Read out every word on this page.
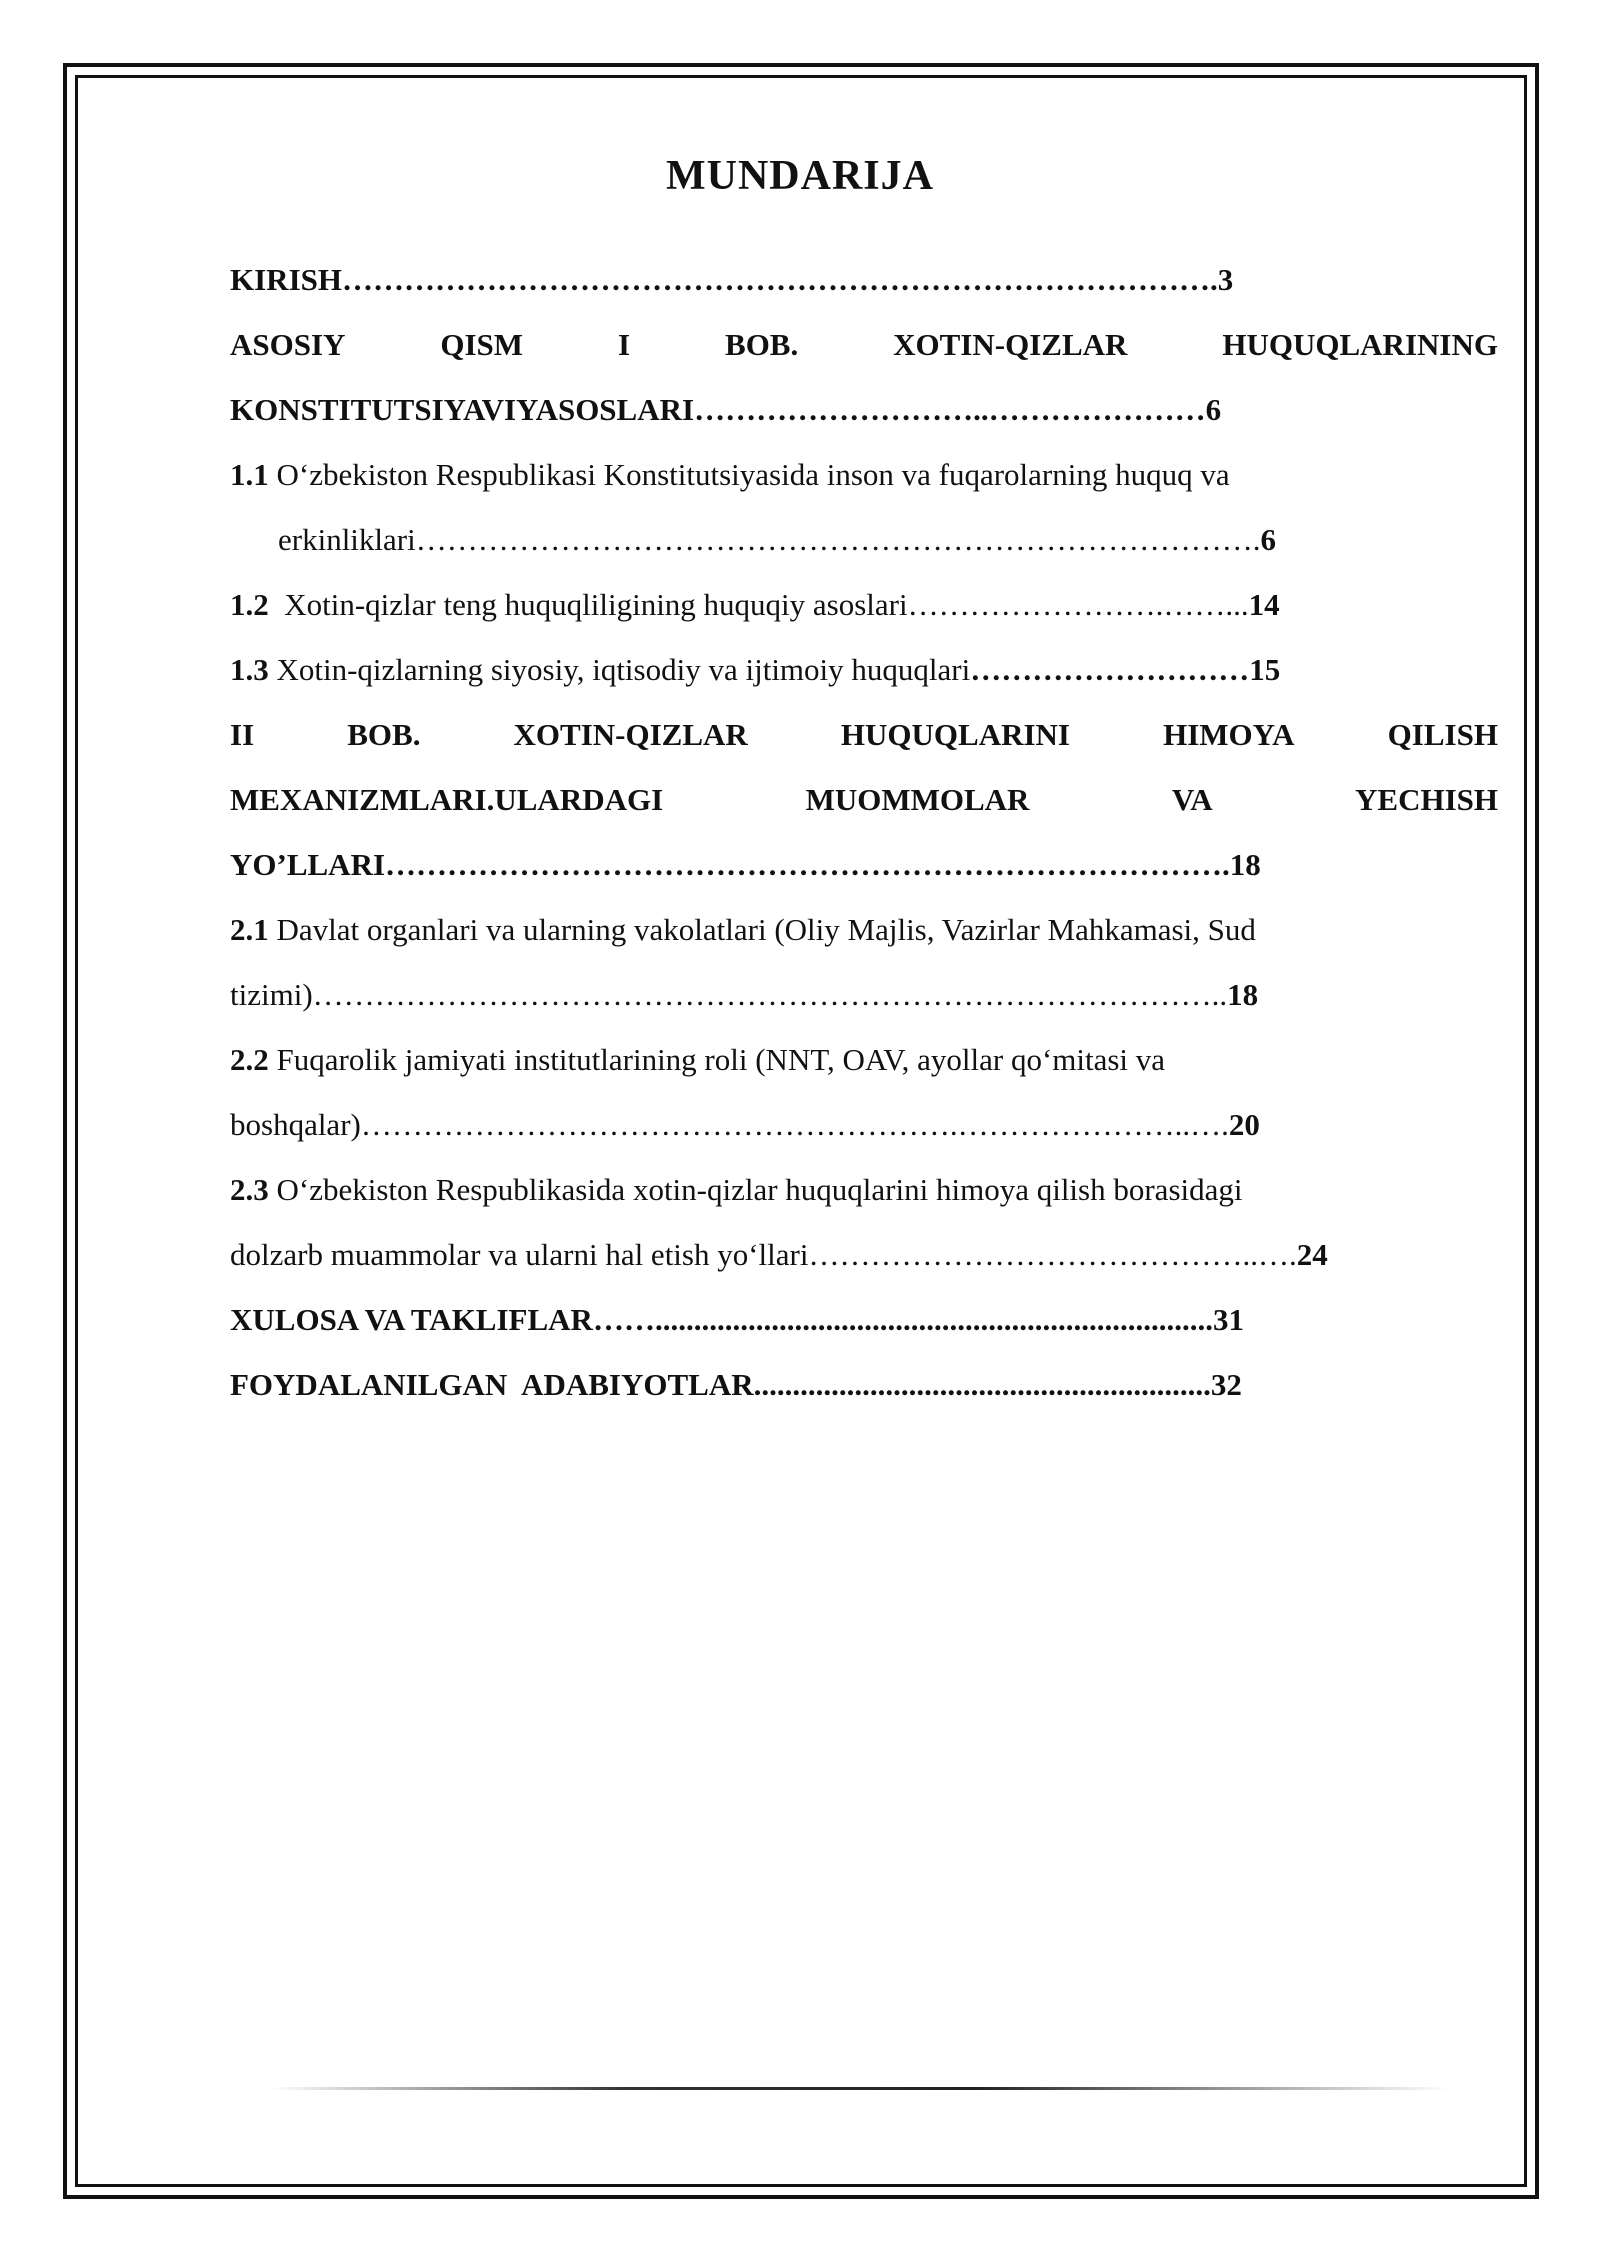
MUNDARIJA
KIRISH………………………………………………………………………….3
ASOSIY	QISM	I	BOB.	XOTIN-QIZLAR	HUQUQLARINING
KONSTITUTSIYAVIYASOSLARI………………………..…………………6
1.1 O‘zbekiston Respublikasi Konstitutsiyasida inson va fuqarolarning huquq va
erkinliklari……………………………………………………………………….6
1.2 Xotin-qizlar teng huquqliligining huquqiy asoslari…………………….……...14
1.3 Xotin-qizlarning siyosiy, iqtisodiy va ijtimoiy huquqlari………………………15
II	BOB.	XOTIN-QIZLAR	HUQUQLARINI	HIMOYA	QILISH
MEXANIZMLARI.ULARDAGI	MUOMMOLAR	VA	YECHISH
YO’LLARI……………………………………………………………………….18
2.1 Davlat organlari va ularning vakolatlari (Oliy Majlis, Vazirlar Mahkamasi, Sud
tizimi)……………………………………………………………………………..18
2.2 Fuqarolik jamiyati institutlarining roli (NNT, OAV, ayollar qo‘mitasi va
boshqalar)………………………………………………….…………………..….20
2.3 O‘zbekiston Respublikasida xotin-qizlar huquqlarini himoya qilish borasidagi
dolzarb muammolar va ularni hal etish yo‘llari……………………………………..….24
XULOSA VA TAKLIFLAR……........................................................................31
FOYDALANILGAN  ADABIYOTLAR...........................................................32
